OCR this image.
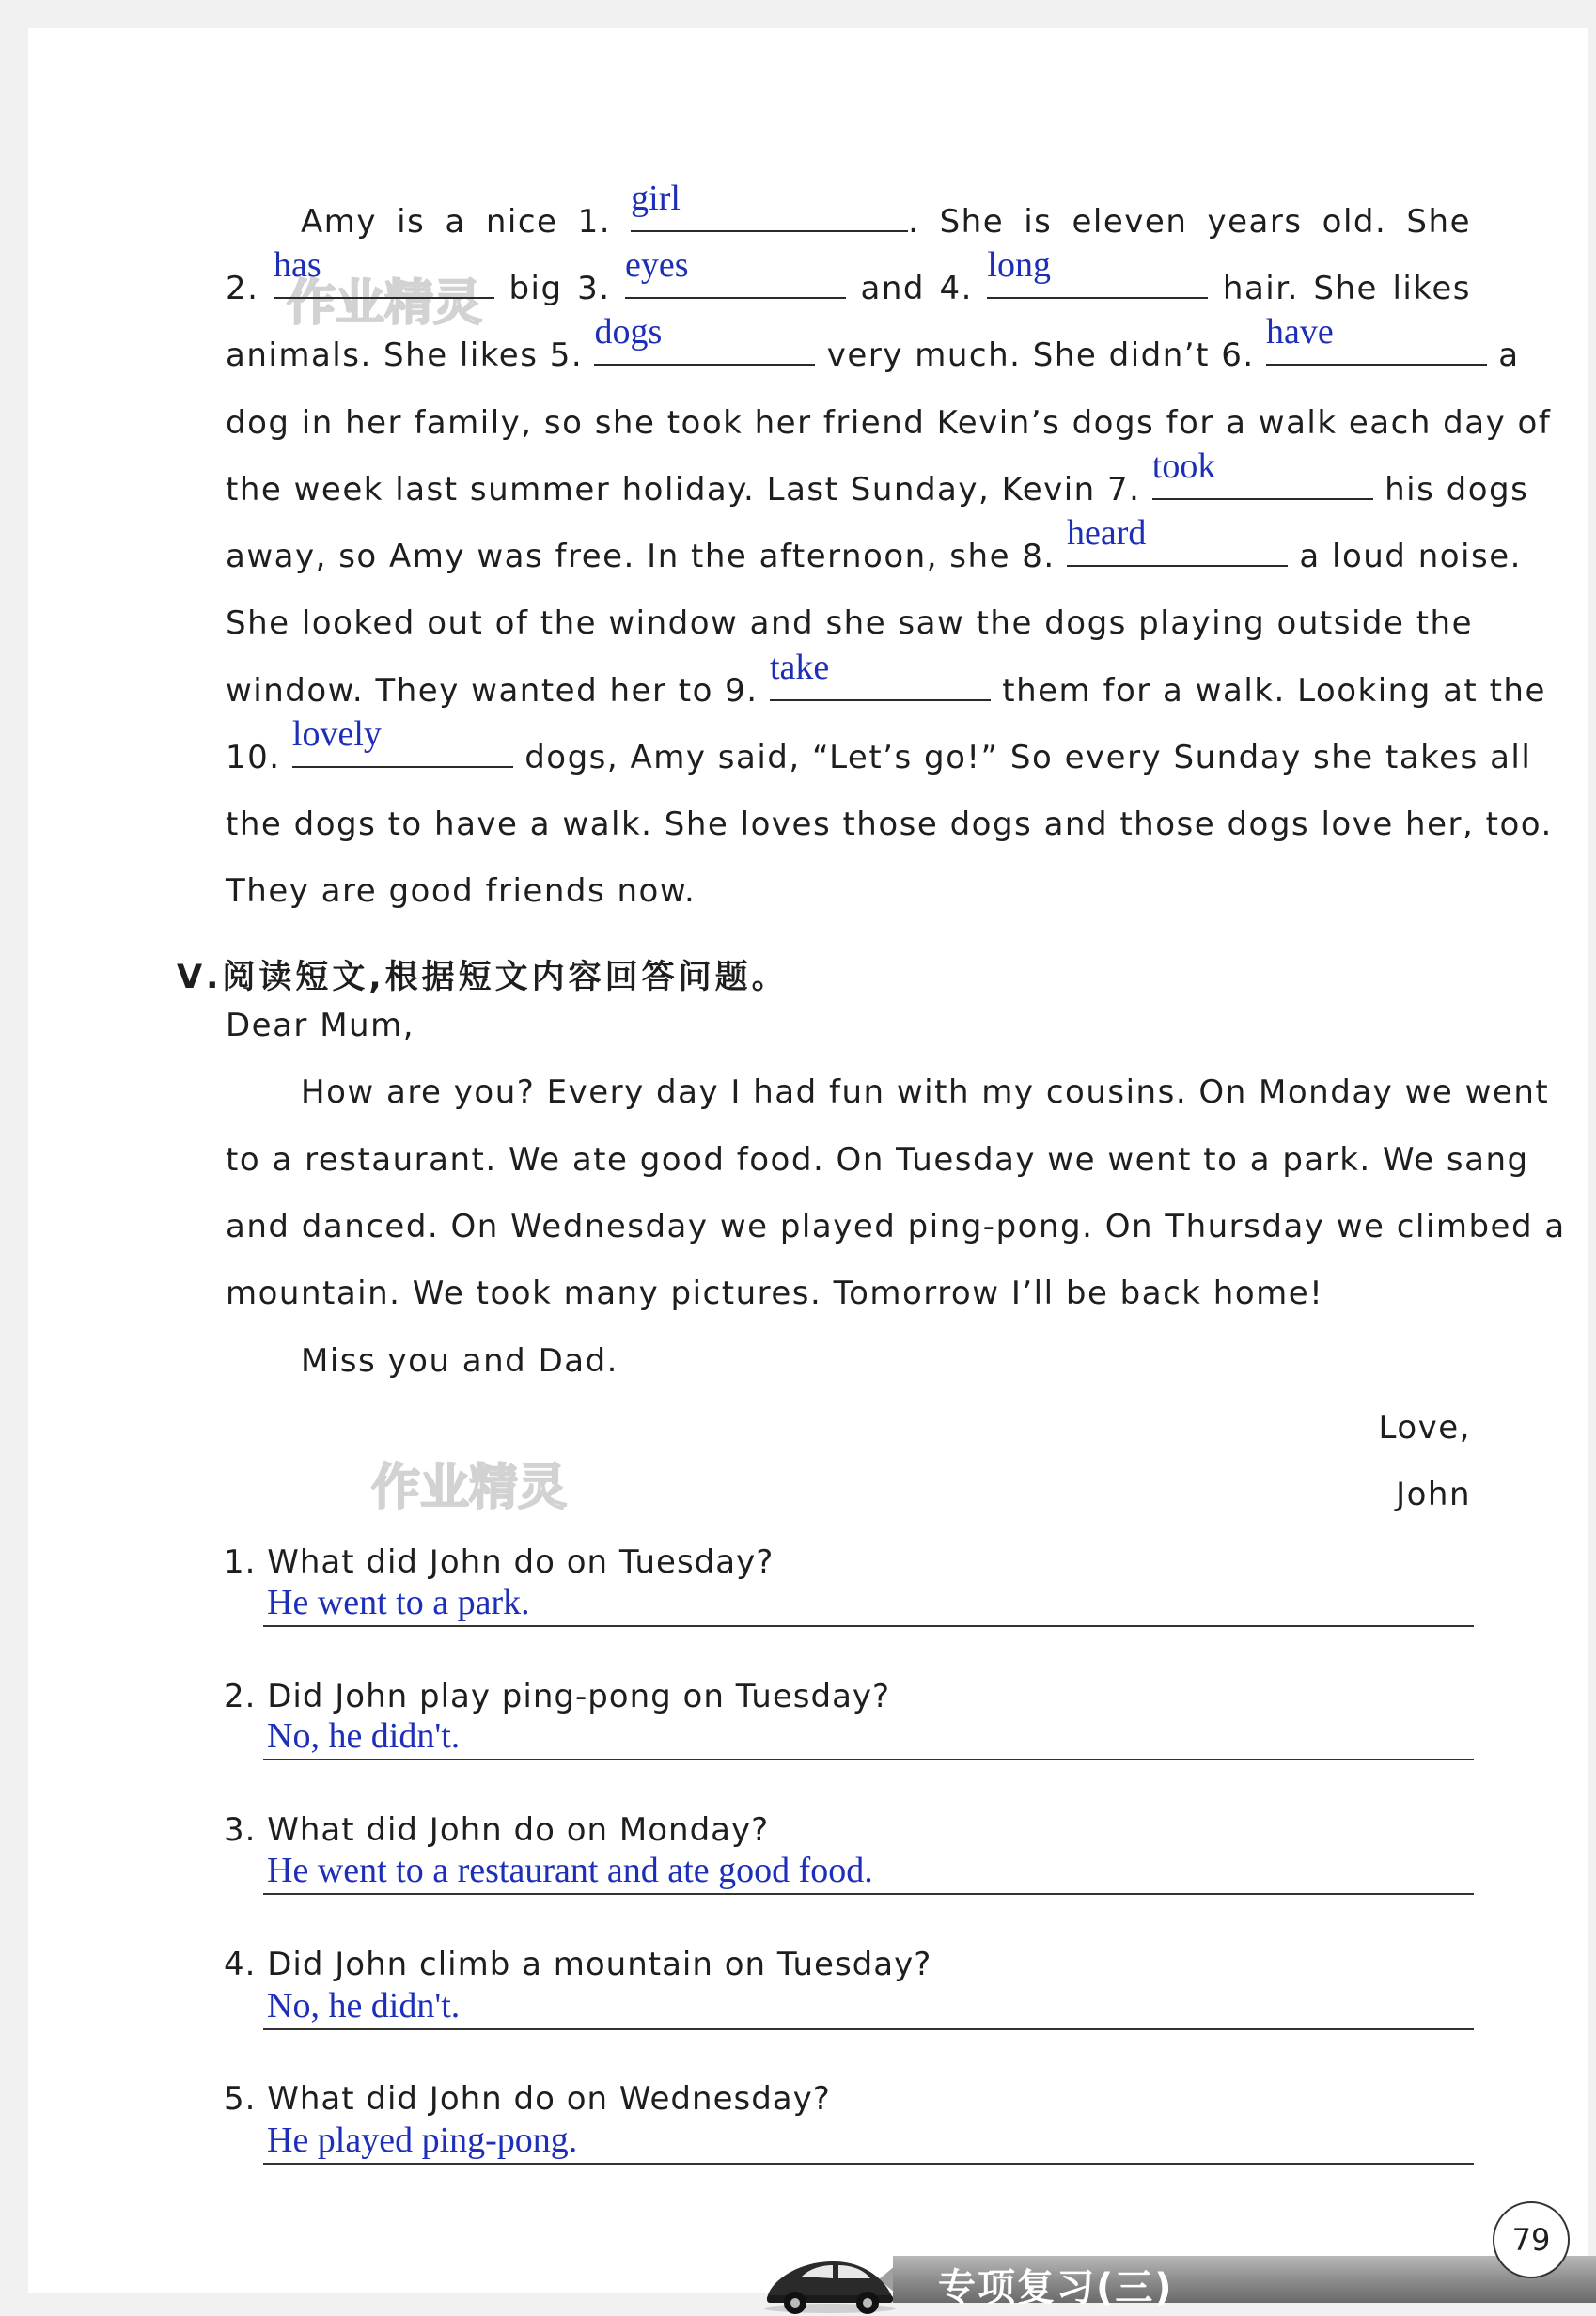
作业精灵
作业精灵
Amy is a nice 1.
girl
. She is eleven years old. She
2.
has
big 3.
eyes
and 4.
long
hair. She likes
animals. She likes 5.
dogs
very much. She didn’t 6.
have
a
dog in her family, so she took her friend Kevin’s dogs for a walk each day of
the week last summer holiday. Last Sunday, Kevin 7.
took
his dogs
away, so Amy was free. In the afternoon, she 8.
heard
a loud noise.
She looked out of the window and she saw the dogs playing outside the
window. They wanted her to 9.
take
them for a walk. Looking at the
10.
lovely
dogs, Amy said, “Let’s go!” So every Sunday she takes all
the dogs to have a walk. She loves those dogs and those dogs love her, too.
They are good friends now.
Ⅴ.阅读短文,根据短文内容回答问题。
Dear Mum,
How are you? Every day I had fun with my cousins. On Monday we went
to a restaurant. We ate good food. On Tuesday we went to a park. We sang
and danced. On Wednesday we played ping-pong. On Thursday we climbed a
mountain. We took many pictures. Tomorrow I’ll be back home!
Miss you and Dad.
Love,
John
1. What did John do on Tuesday?
He went to a park.
2. Did John play ping-pong on Tuesday?
No, he didn't.
3. What did John do on Monday?
He went to a restaurant and ate good food.
4. Did John climb a mountain on Tuesday?
No, he didn't.
5. What did John do on Wednesday?
He played ping-pong.
专项复习(三)
79
